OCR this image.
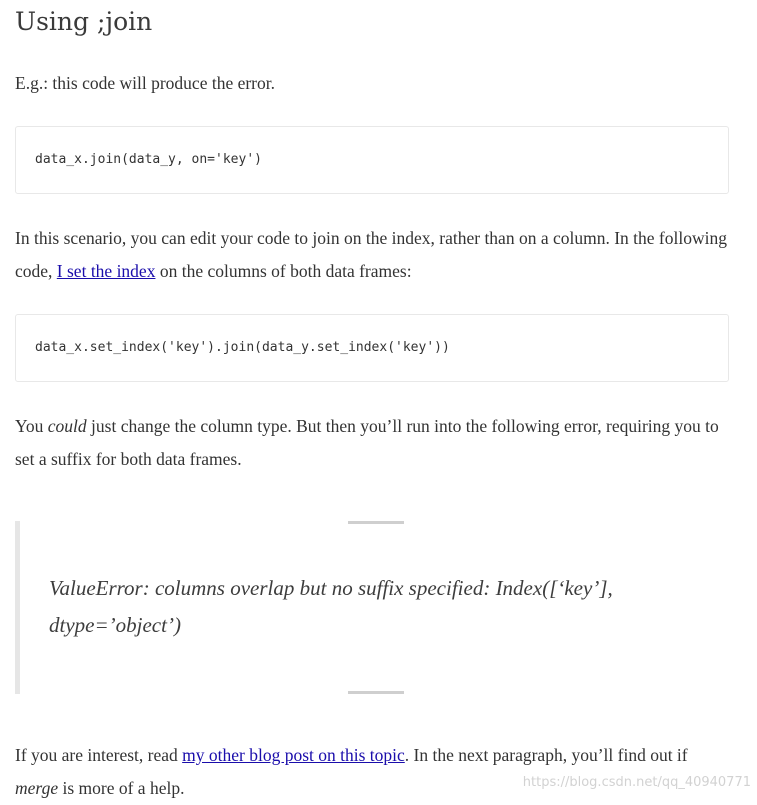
Using ;join

E.g.: this code will produce the error.

data_x.join(data_y, on='key')

In this scenario, you can edit your code to join on the index, rather than on a column. In the following code, I set the index on the columns of both data frames:

data_x.set_index('key').join(data_y.set_index('key'))

You could just change the column type. But then you’ll run into the following error, requiring you to set a suffix for both data frames.

ValueError: columns overlap but no suffix specified: Index([‘key’], dtype=’object’)

If you are interest, read my other blog post on this topic. In the next paragraph, you’ll find out if merge is more of a help.	https://blog.csdn.net/qq_40940771
